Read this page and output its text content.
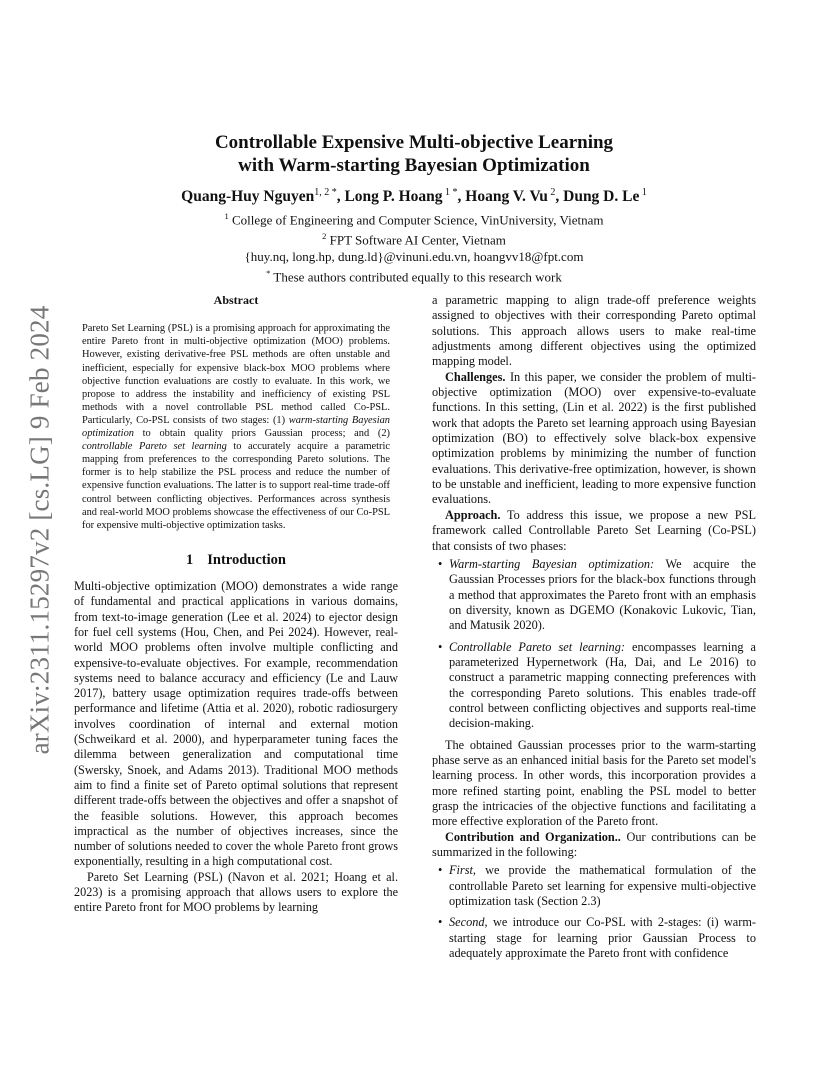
arXiv:2311.15297v2 [cs.LG] 9 Feb 2024
Controllable Expensive Multi-objective Learning
with Warm-starting Bayesian Optimization
Quang-Huy Nguyen$^{1, 2 *}$, Long P. Hoang $^{1 *}$, Hoang V. Vu $^2$, Dung D. Le $^1$
$^1$ College of Engineering and Computer Science, VinUniversity, Vietnam
$^2$ FPT Software AI Center, Vietnam
{huy.nq, long.hp, dung.ld}@vinuni.edu.vn, hoangvv18@fpt.com
* These authors contributed equally to this research work
Abstract

Pareto Set Learning (PSL) is a promising approach for approximating the entire Pareto front in multi-objective optimization (MOO) problems. However, existing derivative-free PSL methods are often unstable and inefficient, especially for expensive black-box MOO problems where objective function evaluations are costly to evaluate. In this work, we propose to address the instability and inefficiency of existing PSL methods with a novel controllable PSL method called Co-PSL. Particularly, Co-PSL consists of two stages: (1) warm-starting Bayesian optimization to obtain quality priors Gaussian process; and (2) controllable Pareto set learning to accurately acquire a parametric mapping from preferences to the corresponding Pareto solutions. The former is to help stabilize the PSL process and reduce the number of expensive function evaluations. The latter is to support real-time trade-off control between conflicting objectives. Performances across synthesis and real-world MOO problems showcase the effectiveness of our Co-PSL for expensive multi-objective optimization tasks.

1 Introduction

Multi-objective optimization (MOO) demonstrates a wide range of fundamental and practical applications in various domains, from text-to-image generation (Lee et al. 2024) to ejector design for fuel cell systems (Hou, Chen, and Pei 2024). However, real-world MOO problems often involve multiple conflicting and expensive-to-evaluate objectives. For example, recommendation systems need to balance accuracy and efficiency (Le and Lauw 2017), battery usage optimization requires trade-offs between performance and lifetime (Attia et al. 2020), robotic radiosurgery involves coordination of internal and external motion (Schweikard et al. 2000), and hyperparameter tuning faces the dilemma between generalization and computational time (Swersky, Snoek, and Adams 2013). Traditional MOO methods aim to find a finite set of Pareto optimal solutions that represent different trade-offs between the objectives and offer a snapshot of the feasible solutions. However, this approach becomes impractical as the number of objectives increases, since the number of solutions needed to cover the whole Pareto front grows exponentially, resulting in a high computational cost.

Pareto Set Learning (PSL) (Navon et al. 2021; Hoang et al. 2023) is a promising approach that allows users to explore the entire Pareto front for MOO problems by learning

a parametric mapping to align trade-off preference weights assigned to objectives with their corresponding Pareto optimal solutions. This approach allows users to make real-time adjustments among different objectives using the optimized mapping model.

Challenges. In this paper, we consider the problem of multi-objective optimization (MOO) over expensive-to-evaluate functions. In this setting, (Lin et al. 2022) is the first published work that adopts the Pareto set learning approach using Bayesian optimization (BO) to effectively solve black-box expensive optimization problems by minimizing the number of function evaluations. This derivative-free optimization, however, is shown to be unstable and inefficient, leading to more expensive function evaluations.

Approach. To address this issue, we propose a new PSL framework called Controllable Pareto Set Learning (Co-PSL) that consists of two phases:

• Warm-starting Bayesian optimization: We acquire the Gaussian Processes priors for the black-box functions through a method that approximates the Pareto front with an emphasis on diversity, known as DGEMO (Konakovic Lukovic, Tian, and Matusik 2020).
• Controllable Pareto set learning: encompasses learning a parameterized Hypernetwork (Ha, Dai, and Le 2016) to construct a parametric mapping connecting preferences with the corresponding Pareto solutions. This enables trade-off control between conflicting objectives and supports real-time decision-making.

The obtained Gaussian processes prior to the warm-starting phase serve as an enhanced initial basis for the Pareto set model's learning process. In other words, this incorporation provides a more refined starting point, enabling the PSL model to better grasp the intricacies of the objective functions and facilitating a more effective exploration of the Pareto front.

Contribution and Organization.. Our contributions can be summarized in the following:

• First, we provide the mathematical formulation of the controllable Pareto set learning for expensive multi-objective optimization task (Section 2.3)
• Second, we introduce our Co-PSL with 2-stages: (i) warm-starting stage for learning prior Gaussian Process to adequately approximate the Pareto front with confidence
